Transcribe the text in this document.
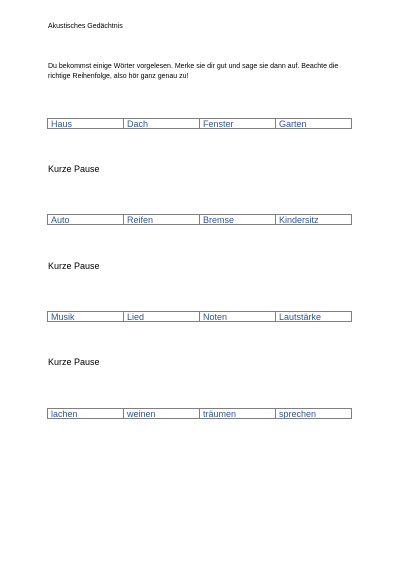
Akustisches Gedächtnis
Du bekommst einige Wörter vorgelesen. Merke sie dir gut und sage sie dann auf. Beachte die richtige Reihenfolge, also hör ganz genau zu!
Haus	Dach	Fenster	Garten
Kurze Pause
Auto	Reifen	Bremse	Kindersitz
Kurze Pause
Musik	Lied	Noten	Lautstärke
Kurze Pause
lachen	weinen	träumen	sprechen
